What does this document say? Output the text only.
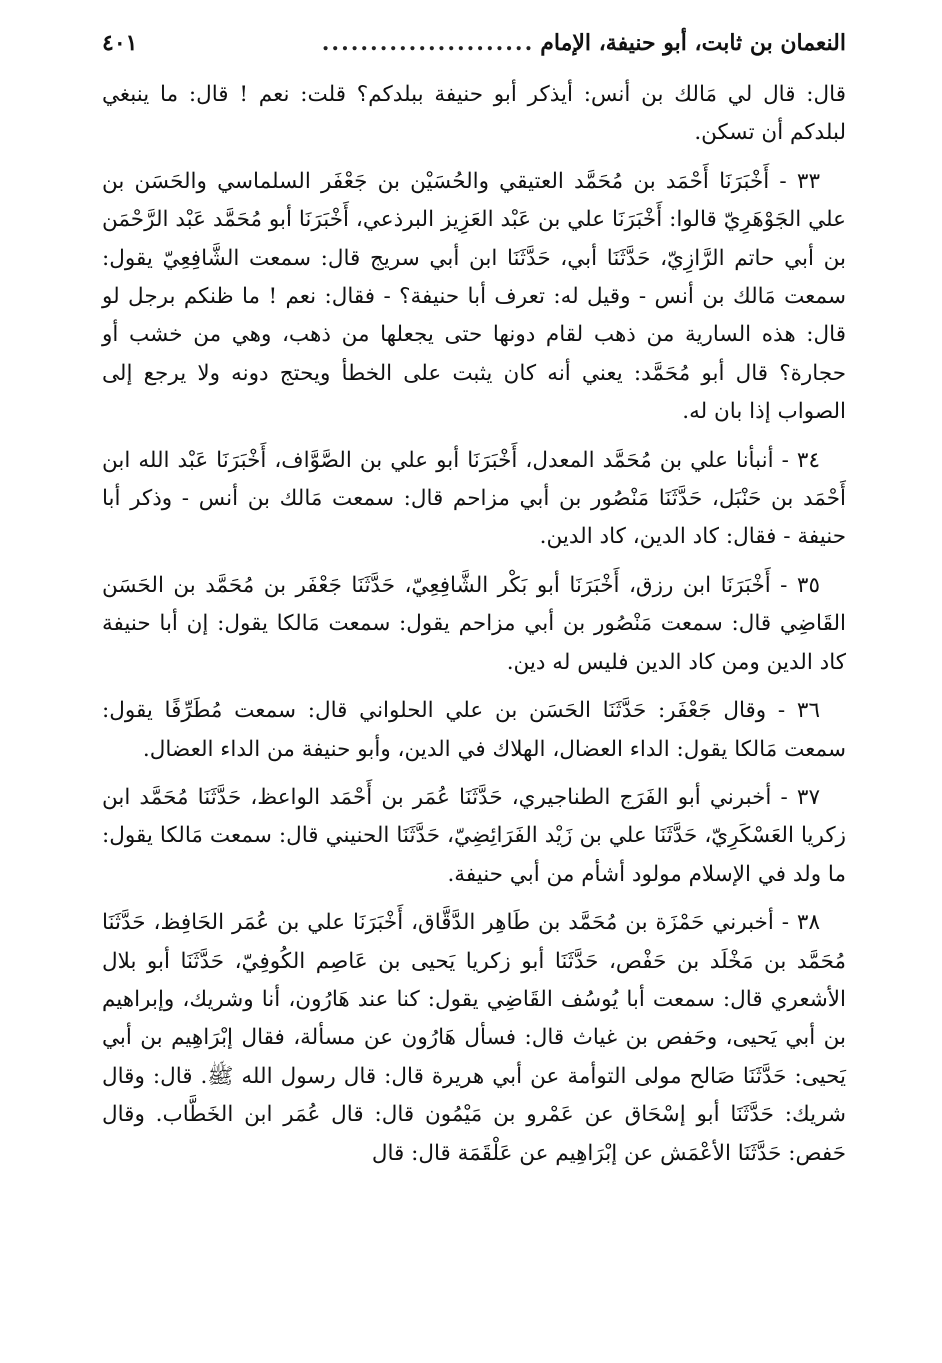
النعمان بن ثابت، أبو حنيفة، الإمام
......................
٤٠١

قال: قال لي مَالك بن أنس: أيذكر أبو حنيفة ببلدكم؟ قلت: نعم ! قال: ما ينبغي لبلدكم أن تسكن.

٣٣ - أَخْبَرَنَا أَحْمَد بن مُحَمَّد العتيقي والحُسَيْن بن جَعْفَر السلماسي والحَسَن بن علي الجَوْهَرِيّ قالوا: أَخْبَرَنَا علي بن عَبْد العَزِيز البرذعي، أَخْبَرَنَا أبو مُحَمَّد عَبْد الرَّحْمَن بن أبي حاتم الرَّازِيّ، حَدَّثَنَا أبي، حَدَّثَنَا ابن أبي سريج قال: سمعت الشَّافِعِيّ يقول: سمعت مَالك بن أنس - وقيل له: تعرف أبا حنيفة؟ - فقال: نعم ! ما ظنكم برجل لو قال: هذه السارية من ذهب لقام دونها حتى يجعلها من ذهب، وهي من خشب أو حجارة؟ قال أبو مُحَمَّد: يعني أنه كان يثبت على الخطأ ويحتج دونه ولا يرجع إلى الصواب إذا بان له.

٣٤ - أنبأنا علي بن مُحَمَّد المعدل، أَخْبَرَنَا أبو علي بن الصَّوَّاف، أَخْبَرَنَا عَبْد الله ابن أَحْمَد بن حَنْبَل، حَدَّثَنَا مَنْصُور بن أبي مزاحم قال: سمعت مَالك بن أنس - وذكر أبا حنيفة - فقال: كاد الدين، كاد الدين.

٣٥ - أَخْبَرَنَا ابن رزق، أَخْبَرَنَا أبو بَكْر الشَّافِعِيّ، حَدَّثَنَا جَعْفَر بن مُحَمَّد بن الحَسَن القَاضِي قال: سمعت مَنْصُور بن أبي مزاحم يقول: سمعت مَالكا يقول: إن أبا حنيفة كاد الدين ومن كاد الدين فليس له دين.

٣٦ - وقال جَعْفَر: حَدَّثَنَا الحَسَن بن علي الحلواني قال: سمعت مُطَرِّفًا يقول: سمعت مَالكا يقول: الداء العضال، الهلاك في الدين، وأبو حنيفة من الداء العضال.

٣٧ - أخبرني أبو الفَرَج الطناجيري، حَدَّثَنَا عُمَر بن أَحْمَد الواعظ، حَدَّثَنَا مُحَمَّد ابن زكريا العَسْكَرِيّ، حَدَّثَنَا علي بن زَيْد الفَرَائِضِيّ، حَدَّثَنَا الحنيني قال: سمعت مَالكا يقول: ما ولد في الإسلام مولود أشأم من أبي حنيفة.

٣٨ - أخبرني حَمْزَة بن مُحَمَّد بن طَاهِر الدَّقَّاق، أَخْبَرَنَا علي بن عُمَر الحَافِظ، حَدَّثَنَا مُحَمَّد بن مَخْلَد بن حَفْص، حَدَّثَنَا أبو زكريا يَحيى بن عَاصِم الكُوفِيّ، حَدَّثَنَا أبو بلال الأشعري قال: سمعت أبا يُوسُف القَاضِي يقول: كنا عند هَارُون، أنا وشريك، وإبراهيم بن أبي يَحيى، وحَفص بن غياث قال: فسأل هَارُون عن مسألة، فقال إبْرَاهِيم بن أبي يَحيى: حَدَّثَنَا صَالح مولى التوأمة عن أبي هريرة قال: قال رسول الله ﷺ. قال: وقال شريك: حَدَّثَنَا أبو إسْحَاق عن عَمْرو بن مَيْمُون قال: قال عُمَر ابن الخَطَّاب. وقال حَفص: حَدَّثَنَا الأعْمَش عن إبْرَاهِيم عن عَلْقَمَة قال: قال
